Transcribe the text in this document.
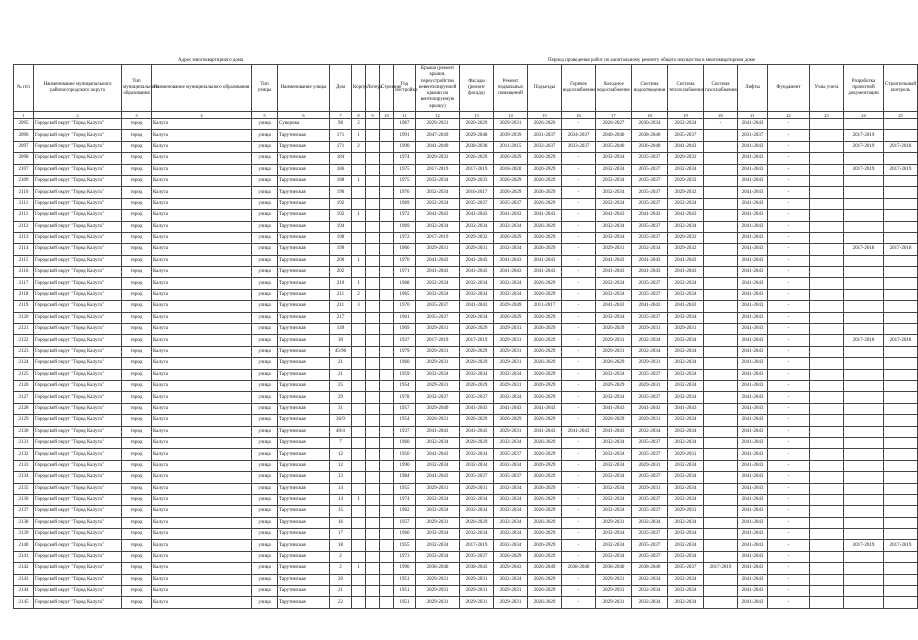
Адрес многоквартирного дома	Период проведения работ по капитальному ремонту общего имущества в многоквартирном доме
№ п/п	Наименование муниципального района/городского округа	Тип муниципального образования	Наименование муниципального образования	Тип улицы	Наименование улицы	Дом	Корпус	Литера	Строение	Год постройки	Крыша (ремонт крыши, переустройство невентилируемой крыши на вентилируемую крышу)	Фасады (ремонт фасада)	Ремонт подвальных помещений	Подъезды	Горячее водоснабжение	Холодное водоснабжение	Система водоотведения	Система теплоснабжения	Система газоснабжения	Лифты	Фундамент	Узлы учета	Разработка проектной документации	Строительный контроль
1	2	3	4	5	6	7	8	9	10	11	12	13	14	15	16	17	18	19	20	21	22	23	24	25
2095	Городской округ "Город Калуга"	город	Калуга	улица	Суворова	98	2			1967	2029-2031	2020-2029	2029-2031	2026-2026	-	2026-2027	2030-2034	2032-2034	-	2041-2043	-			
2096	Городской округ "Город Калуга"	город	Калуга	улица	Тарутинская	171	1			1991	2047-2049	2029-2048	2039-2039	2031-2037	2034-2037	2040-2040	2038-2040	2035-2037		2031-2037	-		2017-2019	
2097	Городской округ "Город Калуга"	город	Калуга	улица	Тарутинская	171	2			1990	2041-2049	2038-2038	2011-2015	2032-2037	2033-2037	2035-2040	2036-2040	2041-2043		2041-2043	-		2017-2019	2017-2018
2098	Городской округ "Город Калуга"	город	Калуга	улица	Тарутинская	184				1974	2029-2032	2026-2029	2026-2029	2026-2029	-	2032-2034	2035-2037	2029-2032		2041-2043	-			
2107	Городской округ "Город Калуга"	город	Калуга	улица	Тарутинская	186				1975	2017-2019	2017-2019	2018-2020	2020-2029	-	2032-2034	2035-2037	2032-2034		2041-2043	-		2017-2019	2017-2019
2109	Городской округ "Город Калуга"	город	Калуга	улица	Тарутинская	188	1			1975	2032-2034	2029-2033	2026-2029	2026-2029	-	2032-2034	2035-2037	2029-2033		2041-2043	-			
2110	Городской округ "Город Калуга"	город	Калуга	улица	Тарутинская	190				1976	2032-2034	2016-2017	2026-2029	2026-2029	-	2032-2034	2035-2037	2029-2032		2041-2043	-			
2111	Городской округ "Город Калуга"	город	Калуга	улица	Тарутинская	192				1969	2032-2034	2035-2037	2035-2037	2026-2029	-	2032-2034	2035-2037	2032-2034		2041-2043	-			
2111	Городской округ "Город Калуга"	город	Калуга	улица	Тарутинская	192	1			1972	2041-2043	2041-2043	2041-2043	2041-2043	-	2041-2043	2041-2043	2041-2043		2041-2043	-			
2112	Городской округ "Город Калуга"	город	Калуга	улица	Тарутинская	194				1969	2032-2034	2032-2034	2032-2034	2026-2029	-	2032-2034	2035-2037	2032-2034		2041-2043	-			
2113	Городской округ "Город Калуга"	город	Калуга	улица	Тарутинская	198				1972	2017-2019	2029-2032	2026-2029	2026-2029	-	2032-2034	2035-2037	2029-2032		2041-2043	-			
2114	Городской округ "Город Калуга"	город	Калуга	улица	Тарутинская	199				1966	2029-2031	2029-2031	2032-2034	2026-2029	-	2029-2031	2032-2034	2029-2032		2041-2043	-		2017-2018	2017-2018
2115	Городской округ "Город Калуга"	город	Калуга	улица	Тарутинская	200	1			1970	2041-2043	2041-2043	2041-2043	2041-2043	-	2041-2043	2041-2043	2041-2043		2041-2043	-			
2116	Городской округ "Город Калуга"	город	Калуга	улица	Тарутинская	202				1971	2041-2043	2041-2043	2041-2043	2041-2043	-	2041-2043	2041-2043	2041-2043		2041-2043	-			
2117	Городской округ "Город Калуга"	город	Калуга	улица	Тарутинская	210	1			1968	2032-2034	2032-2034	2032-2034	2026-2029	-	2032-2034	2035-2037	2032-2034		2041-2043	-			
2118	Городской округ "Город Калуга"	город	Калуга	улица	Тарутинская	211	2			1965	2032-2034	2032-2034	2032-2034	2026-2029	-	2032-2034	2035-2037	2032-2034		2041-2043	-			
2119	Городской округ "Город Калуга"	город	Калуга	улица	Тарутинская	211	3			1970	2035-2037	2041-2043	2029-2049	2011-2017	-	2041-2043	2041-2043	2041-2043		2041-2043	-			
2120	Городской округ "Город Калуга"	город	Калуга	улица	Тарутинская	217				1961	2035-2037	2020-2034	2026-2029	2026-2029	-	2032-2034	2035-2037	2032-2034		2041-2043	-			
2121	Городской округ "Город Калуга"	город	Калуга	улица	Тарутинская	149				1969	2029-2031	2026-2029	2029-2031	2026-2029	-	2026-2029	2029-2031	2029-2031		2041-2043	-			
2122	Городской округ "Город Калуга"	город	Калуга	улица	Тарутинская	30				1937	2017-2019	2017-2019	2029-2031	2026-2029	-	2029-2031	2032-2034	2032-2034		2041-2043	-		2017-2018	2017-2018
2123	Городской округ "Город Калуга"	город	Калуга	улица	Тарутинская	45/96				1979	2029-2031	2026-2029	2029-2031	2026-2029	-	2029-2031	2032-2034	2032-2034		2041-2043	-			
2124	Городской округ "Город Калуга"	город	Калуга	улица	Тарутинская	21				1960	2029-2031	2026-2029	2029-2031	2026-2029	-	2026-2029	2029-2031	2032-2034		2041-2043	-			
2125	Городской округ "Город Калуга"	город	Калуга	улица	Тарутинская	21				1959	2032-2034	2032-2034	2032-2034	2026-2029	-	2032-2034	2035-2037	2032-2034		2041-2043	-			
2126	Городской округ "Город Калуга"	город	Калуга	улица	Тарутинская	25				1954	2029-2031	2026-2029	2029-2031	2026-2029	-	2026-2029	2029-2031	2032-2034		2041-2043	-			
2127	Городской округ "Город Калуга"	город	Калуга	улица	Тарутинская	29				1978	2032-2037	2035-2037	2032-2034	2026-2029	-	2032-2034	2035-2037	2032-2034		2041-2043	-			
2128	Городской округ "Город Калуга"	город	Калуга	улица	Тарутинская	31				1957	2029-2049	2041-2043	2041-2043	2041-2043	-	2041-2043	2041-2043	2041-2043		2041-2043	-			
2129	Городской округ "Город Калуга"	город	Калуга	улица	Тарутинская	36/9				1954	2026-2031	2026-2029	2026-2029	2026-2029	-	2026-2029	2029-2031	2032-2034		2041-2043	-			
2130	Городской округ "Город Калуга"	город	Калуга	улица	Тарутинская	40/4				1937	2041-2043	2041-2043	2029-2031	2041-2043	2041-2043	2041-2043	2032-2034	2032-2034		2041-2043	-			
2131	Городской округ "Город Калуга"	город	Калуга	улица	Тарутинская	7				1960	2032-2034	2026-2029	2032-2034	2026-2029	-	2032-2034	2035-2037	2032-2034		2041-2043	-			
2132	Городской округ "Город Калуга"	город	Калуга	улица	Тарутинская	12				1950	2041-2043	2032-2034	2035-2037	2026-2029	-	2032-2034	2035-2037	2029-2031		2041-2043	-			
2133	Городской округ "Город Калуга"	город	Калуга	улица	Тарутинская	12				1990	2032-2034	2032-2034	2032-2034	2026-2029	-	2032-2034	2029-2031	2032-2034		2041-2043	-			
2134	Городской округ "Город Калуга"	город	Калуга	улица	Тарутинская	13				1984	2041-2043	2035-2037	2035-2037	2026-2029	-	2032-2034	2035-2037	2032-2034		2041-2043	-			
2135	Городской округ "Город Калуга"	город	Калуга	улица	Тарутинская	14				1955	2029-2031	2029-2031	2032-2034	2026-2029	-	2032-2034	2029-2031	2032-2034		2041-2043	-			
2136	Городской округ "Город Калуга"	город	Калуга	улица	Тарутинская	14	1			1974	2032-2034	2032-2034	2032-2034	2026-2029	-	2032-2034	2035-2037	2032-2034		2041-2043	-			
2137	Городской округ "Город Калуга"	город	Калуга	улица	Тарутинская	15				1962	2032-2034	2032-2034	2032-2034	2026-2029	-	2032-2034	2035-2037	2029-2031		2041-2043	-			
2138	Городской округ "Город Калуга"	город	Калуга	улица	Тарутинская	16				1957	2029-2031	2026-2029	2032-2034	2026-2029	-	2029-2031	2032-2034	2032-2034		2041-2043	-			
2139	Городской округ "Город Калуга"	город	Калуга	улица	Тарутинская	17				1960	2032-2034	2032-2034	2032-2034	2026-2029	-	2032-2034	2035-2037	2032-2034		2041-2043	-			
2140	Городской округ "Город Калуга"	город	Калуга	улица	Тарутинская	18				1955	2032-2034	2017-2019	2032-2034	2026-2029	-	2032-2034	2035-2037	2032-2034		2041-2043	-		2017-2019	2017-2019
2141	Городской округ "Город Калуга"	город	Калуга	улица	Тарутинская	2				1973	2032-2034	2035-2037	2026-2029	2026-2029	-	2032-2034	2035-2037	2032-2034		2041-2043	-			
2142	Городской округ "Город Калуга"	город	Калуга	улица	Тарутинская	2	1			1990	2038-2040	2038-2043	2029-2043	2026-2049	2038-2040	2038-2040	2038-2040	2035-2037	2017-2019	2041-2043	-			
2143	Городской округ "Город Калуга"	город	Калуга	улица	Тарутинская	20				1951	2029-2031	2029-2031	2032-2034	2026-2029	-	2029-2031	2032-2034	2032-2034		2041-2043	-			
2144	Городской округ "Город Калуга"	город	Калуга	улица	Тарутинская	21				1951	2029-2031	2029-2031	2029-2031	2026-2029	-	2029-2031	2032-2034	2032-2034		2041-2043	-			
2145	Городской округ "Город Калуга"	город	Калуга	улица	Тарутинская	22				1951	2029-2031	2029-2031	2029-2031	2026-2029	-	2029-2031	2032-2034	2032-2034		2041-2043	-			
